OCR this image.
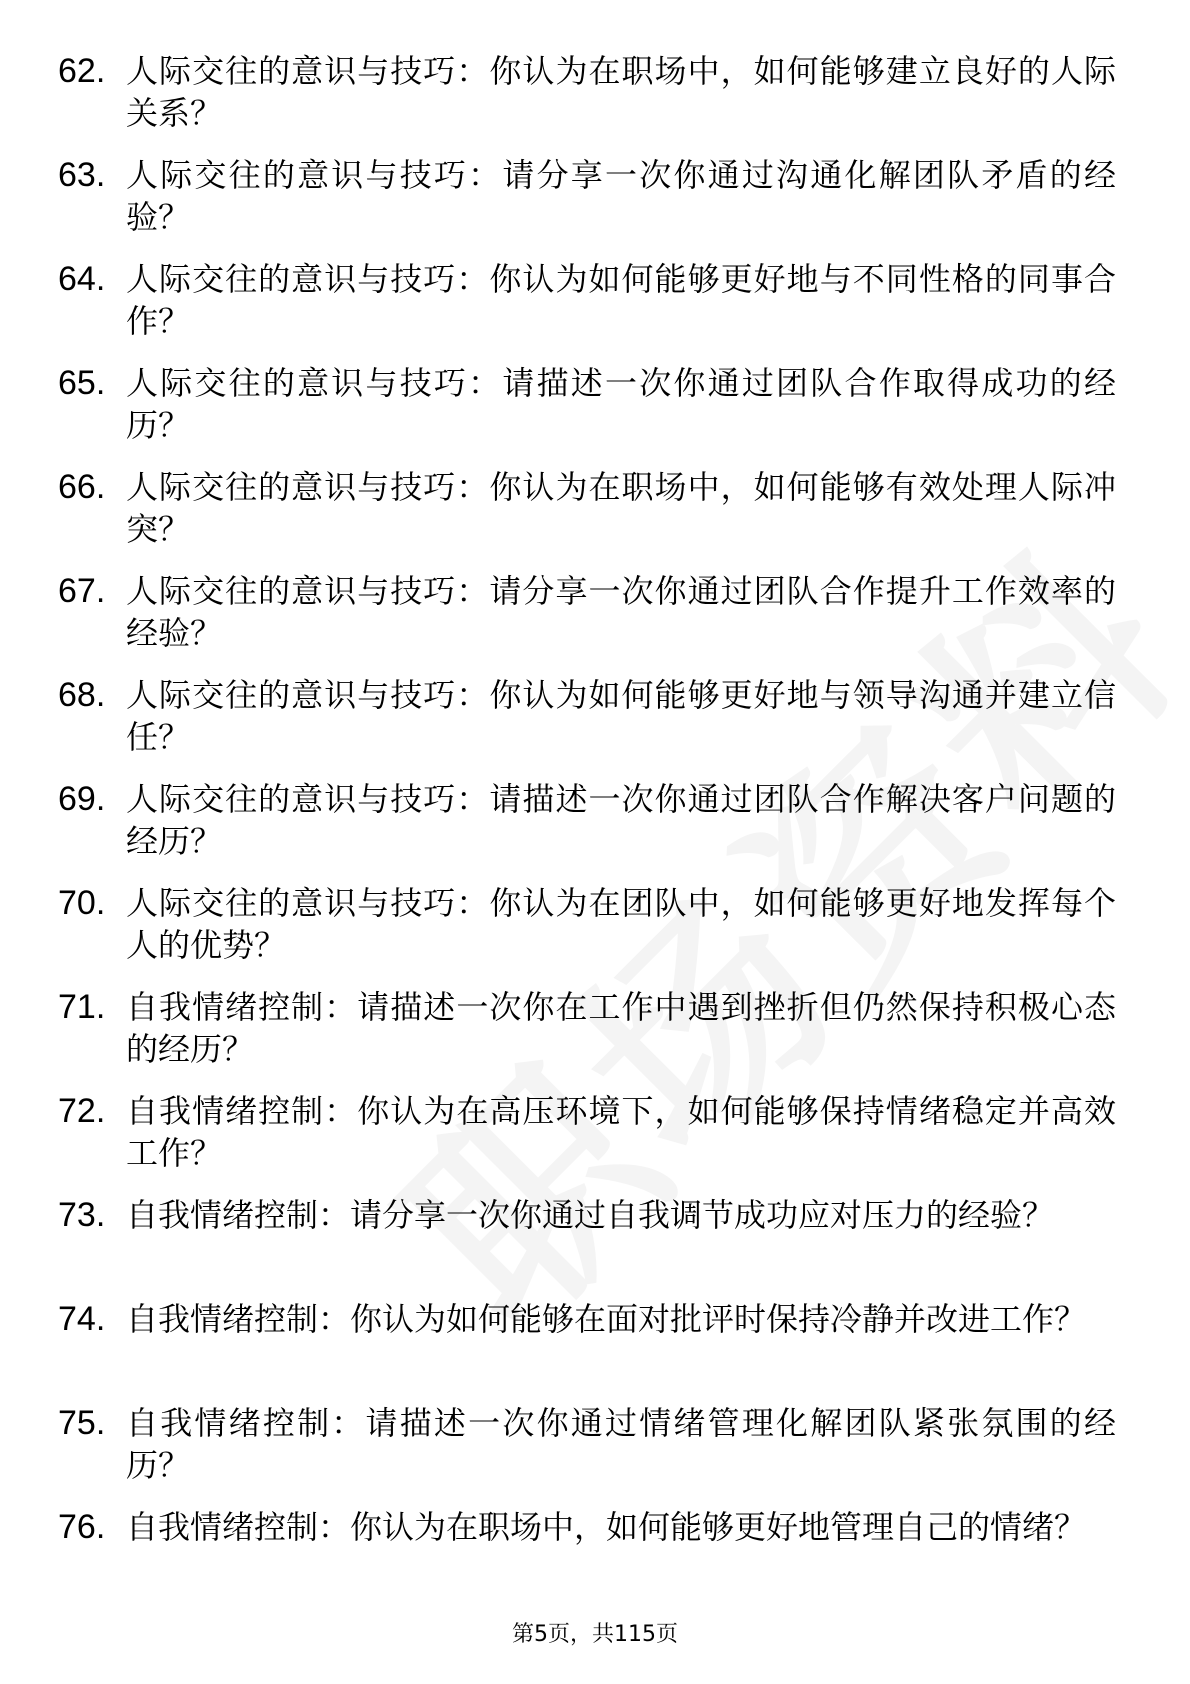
62. 人际交往的意识与技巧：你认为在职场中，如何能够建立良好的人际关系？
63. 人际交往的意识与技巧：请分享一次你通过沟通化解团队矛盾的经验？
64. 人际交往的意识与技巧：你认为如何能够更好地与不同性格的同事合作？
65. 人际交往的意识与技巧：请描述一次你通过团队合作取得成功的经历？
66. 人际交往的意识与技巧：你认为在职场中，如何能够有效处理人际冲突？
67. 人际交往的意识与技巧：请分享一次你通过团队合作提升工作效率的经验？
68. 人际交往的意识与技巧：你认为如何能够更好地与领导沟通并建立信任？
69. 人际交往的意识与技巧：请描述一次你通过团队合作解决客户问题的经历？
70. 人际交往的意识与技巧：你认为在团队中，如何能够更好地发挥每个人的优势？
71. 自我情绪控制：请描述一次你在工作中遇到挫折但仍然保持积极心态的经历？
72. 自我情绪控制：你认为在高压环境下，如何能够保持情绪稳定并高效工作？
73. 自我情绪控制：请分享一次你通过自我调节成功应对压力的经验？
74. 自我情绪控制：你认为如何能够在面对批评时保持冷静并改进工作？
75. 自我情绪控制：请描述一次你通过情绪管理化解团队紧张氛围的经历？
76. 自我情绪控制：你认为在职场中，如何能够更好地管理自己的情绪？
第5页，共115页
